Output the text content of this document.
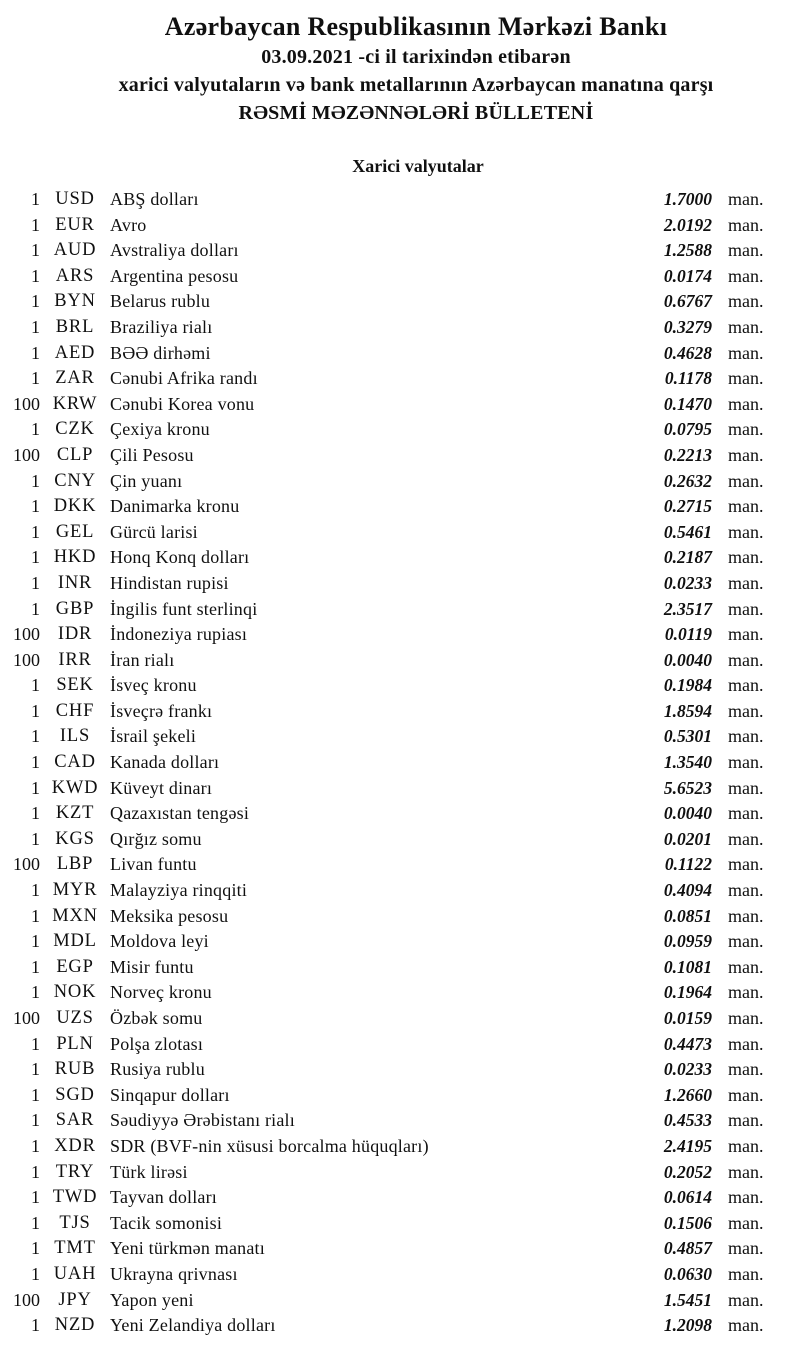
Azərbaycan Respublikasının Mərkəzi Bankı
03.09.2021 -ci il tarixindən etibarən
xarici valyutaların və bank metallarının Azərbaycan manatına qarşı
RƏSMİ MƏZƏNNƏLƏRİ BÜLLETENİ
Xarici valyutalar
1 USD ABŞ dolları	1.7000 man.
1 EUR Avro	2.0192 man.
1 AUD Avstraliya dolları	1.2588 man.
1 ARS Argentina pesosu	0.0174 man.
1 BYN Belarus rublu	0.6767 man.
1 BRL Braziliya rialı	0.3279 man.
1 AED BƏƏ dirhəmi	0.4628 man.
1 ZAR Cənubi Afrika randı	0.1178 man.
100 KRW Cənubi Korea vonu	0.1470 man.
1 CZK Çexiya kronu	0.0795 man.
100 CLP Çili Pesosu	0.2213 man.
1 CNY Çin yuanı	0.2632 man.
1 DKK Danimarka kronu	0.2715 man.
1 GEL Gürcü larisi	0.5461 man.
1 HKD Honq Konq dolları	0.2187 man.
1 INR Hindistan rupisi	0.0233 man.
1 GBP İngilis funt sterlinqi	2.3517 man.
100 IDR İndoneziya rupiası	0.0119 man.
100 IRR	İran rialı	0.0040 man.
1 SEK İsveç kronu	0.1984 man.
1 CHF İsveçrə frankı	1.8594 man.
1	ILS	İsrail şekeli	0.5301 man.
1 CAD Kanada dolları	1.3540 man.
1 KWD Küveyt dinarı	5.6523 man.
1 KZT Qazaxıstan tengəsi	0.0040 man.
1 KGS Qırğız somu	0.0201 man.
100 LBP Livan funtu	0.1122 man.
1 MYR Malayziya rinqqiti	0.4094 man.
1 MXN Meksika pesosu	0.0851 man.
1 MDL Moldova leyi	0.0959 man.
1 EGP Misir funtu	0.1081 man.
1 NOK Norveç kronu	0.1964 man.
100 UZS Özbək somu	0.0159 man.
1 PLN Polşa zlotası	0.4473 man.
1 RUB Rusiya rublu	0.0233 man.
1 SGD Sinqapur dolları	1.2660 man.
1 SAR Səudiyyə Ərəbistanı rialı	0.4533 man.
1 XDR SDR (BVF-nin xüsusi borcalma hüquqları)	2.4195 man.
1 TRY Türk lirəsi	0.2052 man.
1 TWD Tayvan dolları	0.0614 man.
1	TJS	Tacik somonisi	0.1506 man.
1 TMT Yeni türkmən manatı	0.4857 man.
1 UAH Ukrayna qrivnası	0.0630 man.
100 JPY	Yapon yeni	1.5451 man.
1 NZD Yeni Zelandiya dolları	1.2098 man.
